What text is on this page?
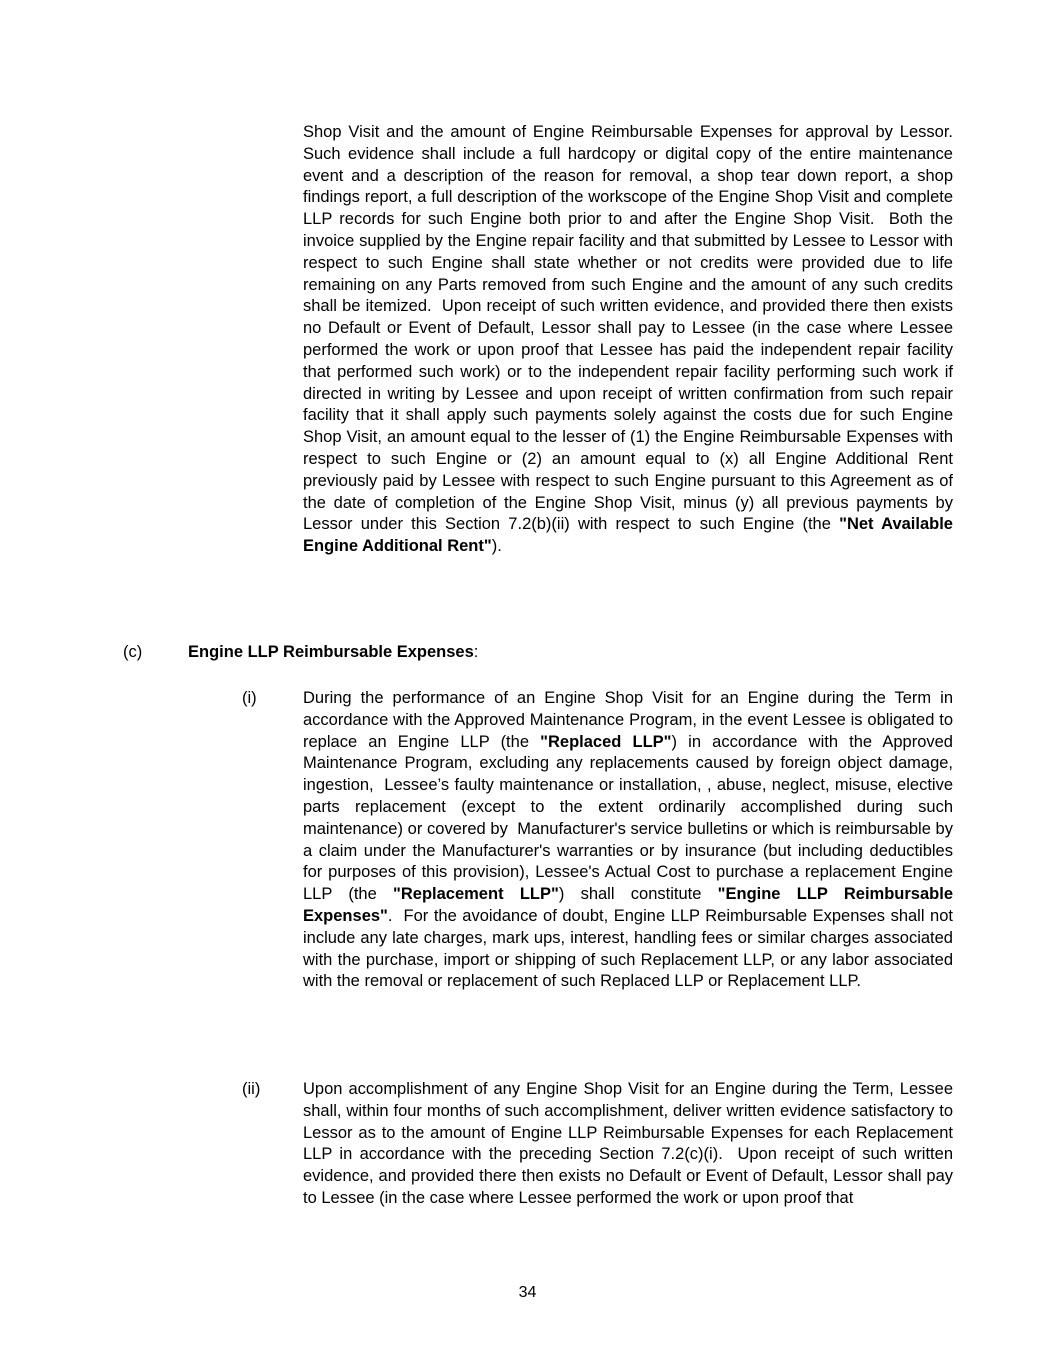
Shop Visit and the amount of Engine Reimbursable Expenses for approval by Lessor.  Such evidence shall include a full hardcopy or digital copy of the entire maintenance event and a description of the reason for removal, a shop tear down report, a shop findings report, a full description of the workscope of the Engine Shop Visit and complete LLP records for such Engine both prior to and after the Engine Shop Visit.  Both the invoice supplied by the Engine repair facility and that submitted by Lessee to Lessor with respect to such Engine shall state whether or not credits were provided due to life remaining on any Parts removed from such Engine and the amount of any such credits shall be itemized.  Upon receipt of such written evidence, and provided there then exists no Default or Event of Default, Lessor shall pay to Lessee (in the case where Lessee performed the work or upon proof that Lessee has paid the independent repair facility that performed such work) or to the independent repair facility performing such work if directed in writing by Lessee and upon receipt of written confirmation from such repair facility that it shall apply such payments solely against the costs due for such Engine Shop Visit, an amount equal to the lesser of (1) the Engine Reimbursable Expenses with respect to such Engine or (2) an amount equal to (x) all Engine Additional Rent previously paid by Lessee with respect to such Engine pursuant to this Agreement as of the date of completion of the Engine Shop Visit, minus (y) all previous payments by Lessor under this Section 7.2(b)(ii) with respect to such Engine (the "Net Available Engine Additional Rent").
(c)	Engine LLP Reimbursable Expenses:
(i)	During the performance of an Engine Shop Visit for an Engine during the Term in accordance with the Approved Maintenance Program, in the event Lessee is obligated to replace an Engine LLP (the "Replaced LLP") in accordance with the Approved Maintenance Program, excluding any replacements caused by foreign object damage, ingestion,  Lessee’s faulty maintenance or installation, , abuse, neglect, misuse, elective parts replacement (except to the extent ordinarily accomplished during such maintenance) or covered by  Manufacturer's service bulletins or which is reimbursable by a claim under the Manufacturer's warranties or by insurance (but including deductibles for purposes of this provision), Lessee's Actual Cost to purchase a replacement Engine LLP (the "Replacement LLP") shall constitute "Engine LLP Reimbursable Expenses".  For the avoidance of doubt, Engine LLP Reimbursable Expenses shall not include any late charges, mark ups, interest, handling fees or similar charges associated with the purchase, import or shipping of such Replacement LLP, or any labor associated with the removal or replacement of such Replaced LLP or Replacement LLP.
(ii)	Upon accomplishment of any Engine Shop Visit for an Engine during the Term, Lessee shall, within four months of such accomplishment, deliver written evidence satisfactory to Lessor as to the amount of Engine LLP Reimbursable Expenses for each Replacement LLP in accordance with the preceding Section 7.2(c)(i).  Upon receipt of such written evidence, and provided there then exists no Default or Event of Default, Lessor shall pay to Lessee (in the case where Lessee performed the work or upon proof that
34
